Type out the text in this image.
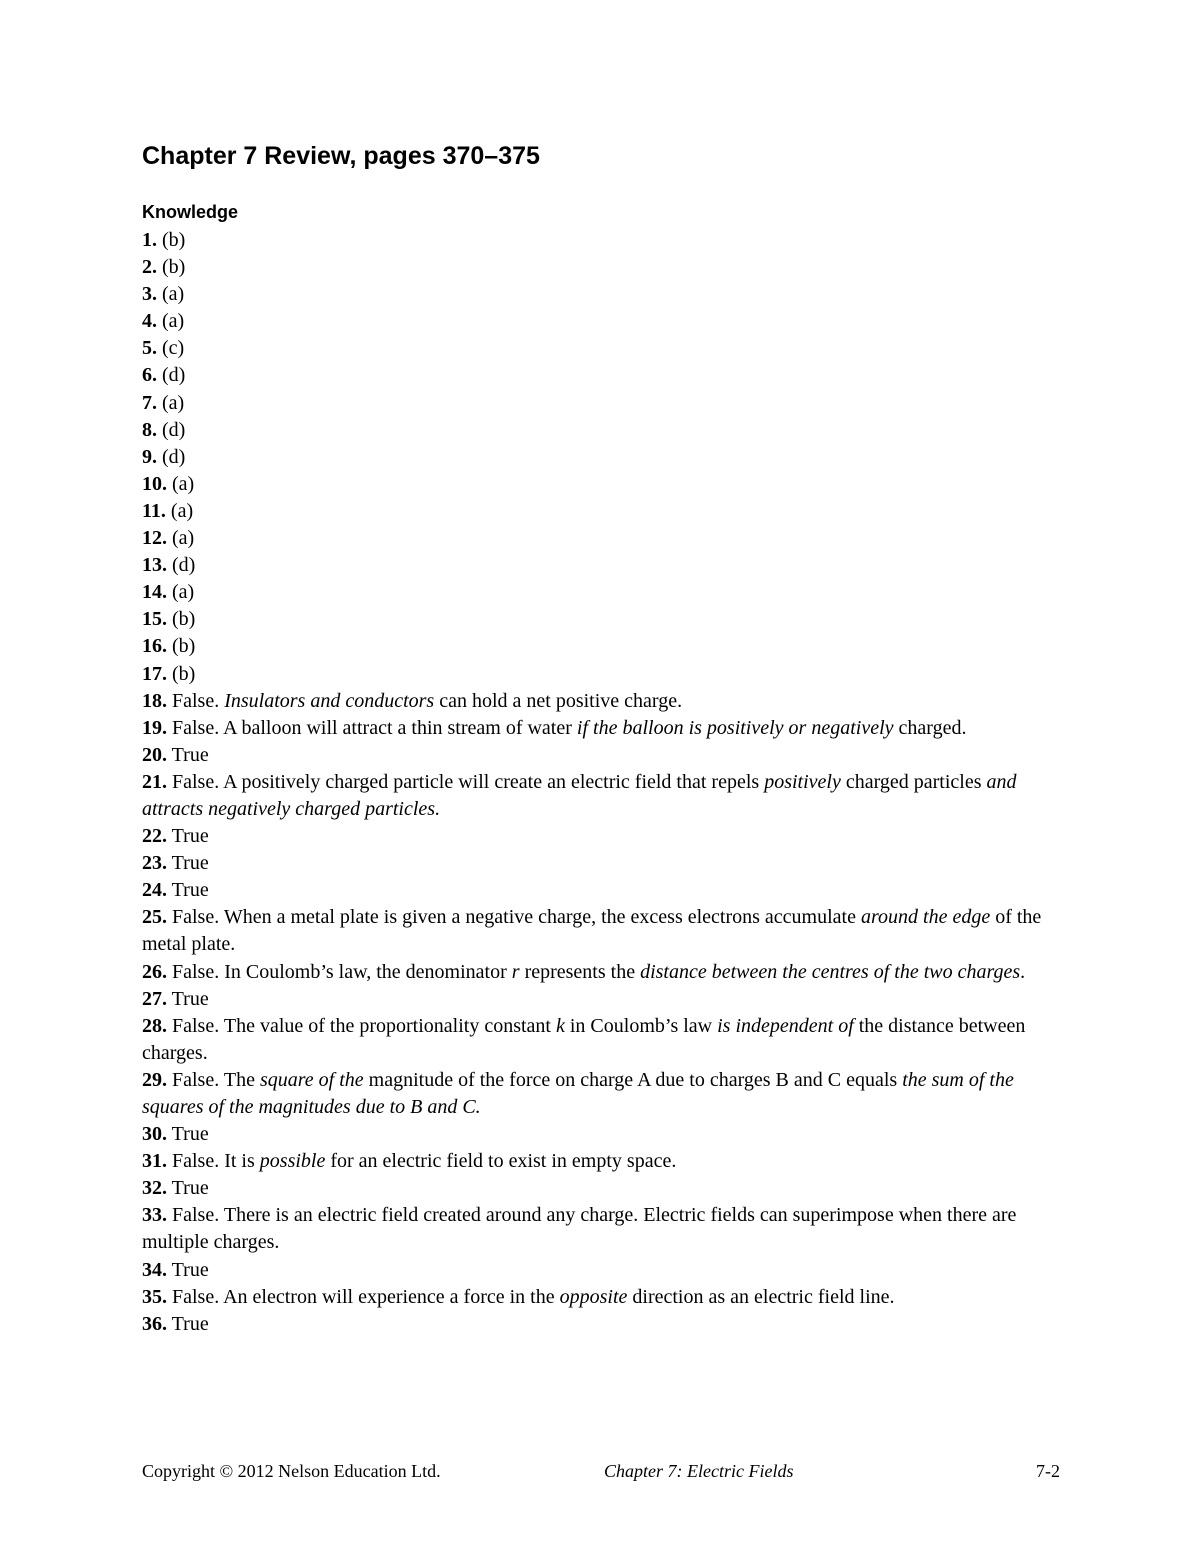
Chapter 7 Review, pages 370–375
Knowledge
1. (b)
2. (b)
3. (a)
4. (a)
5. (c)
6. (d)
7. (a)
8. (d)
9. (d)
10. (a)
11. (a)
12. (a)
13. (d)
14. (a)
15. (b)
16. (b)
17. (b)
18. False. Insulators and conductors can hold a net positive charge.
19. False. A balloon will attract a thin stream of water if the balloon is positively or negatively charged.
20. True
21. False. A positively charged particle will create an electric field that repels positively charged particles and attracts negatively charged particles.
22. True
23. True
24. True
25. False. When a metal plate is given a negative charge, the excess electrons accumulate around the edge of the metal plate.
26. False. In Coulomb’s law, the denominator r represents the distance between the centres of the two charges.
27. True
28. False. The value of the proportionality constant k in Coulomb’s law is independent of the distance between charges.
29. False. The square of the magnitude of the force on charge A due to charges B and C equals the sum of the squares of the magnitudes due to B and C.
30. True
31. False. It is possible for an electric field to exist in empty space.
32. True
33. False. There is an electric field created around any charge. Electric fields can superimpose when there are multiple charges.
34. True
35. False. An electron will experience a force in the opposite direction as an electric field line.
36. True
Copyright © 2012 Nelson Education Ltd.	Chapter 7: Electric Fields	7-2
